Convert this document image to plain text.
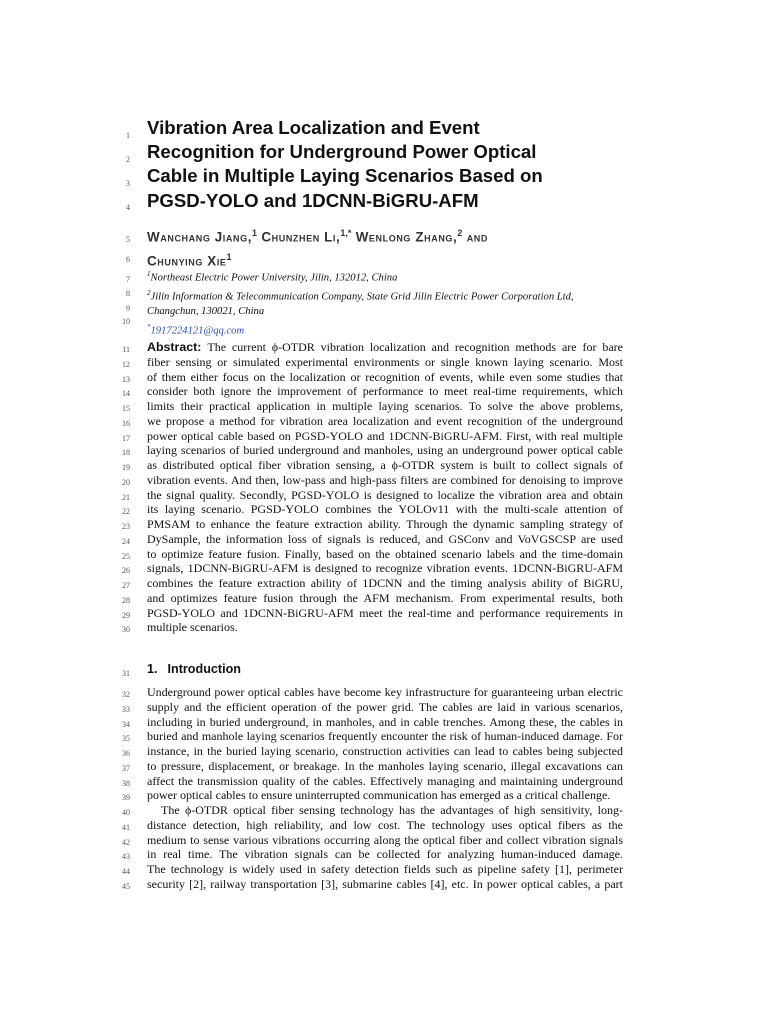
1
2
3
4
5
6
7
8
9
10
11
12
13
14
15
16
17
18
19
20
21
22
23
24
25
26
27
28
29
30
31
32
33
34
35
36
37
38
39
40
41
42
43
44
45
Vibration Area Localization and Event
Recognition for Underground Power Optical
Cable in Multiple Laying Scenarios Based on
PGSD-YOLO and 1DCNN-BiGRU-AFM
Wanchang Jiang,$^1$ Chunzhen Li,$^{1,*}$ Wenlong Zhang,$^2$ and
Chunying Xie$^1$
$^1$Northeast Electric Power University, Jilin, 132012, China
$^2$Jilin Information & Telecommunication Company, State Grid Jilin Electric Power Corporation Ltd,
Changchun, 130021, China
*1917224121@qq.com
Abstract: The current ϕ-OTDR vibration localization and recognition methods are for bare
fiber sensing or simulated experimental environments or single known laying scenario. Most
of them either focus on the localization or recognition of events, while even some studies that
consider both ignore the improvement of performance to meet real-time requirements, which
limits their practical application in multiple laying scenarios. To solve the above problems,
we propose a method for vibration area localization and event recognition of the underground
power optical cable based on PGSD-YOLO and 1DCNN-BiGRU-AFM. First, with real multiple
laying scenarios of buried underground and manholes, using an underground power optical cable
as distributed optical fiber vibration sensing, a ϕ-OTDR system is built to collect signals of
vibration events. And then, low-pass and high-pass filters are combined for denoising to improve
the signal quality. Secondly, PGSD-YOLO is designed to localize the vibration area and obtain
its laying scenario. PGSD-YOLO combines the YOLOv11 with the multi-scale attention of
PMSAM to enhance the feature extraction ability. Through the dynamic sampling strategy of
DySample, the information loss of signals is reduced, and GSConv and VoVGSCSP are used
to optimize feature fusion. Finally, based on the obtained scenario labels and the time-domain
signals, 1DCNN-BiGRU-AFM is designed to recognize vibration events. 1DCNN-BiGRU-AFM
combines the feature extraction ability of 1DCNN and the timing analysis ability of BiGRU,
and optimizes feature fusion through the AFM mechanism. From experimental results, both
PGSD-YOLO and 1DCNN-BiGRU-AFM meet the real-time and performance requirements in
multiple scenarios.
1. Introduction
Underground power optical cables have become key infrastructure for guaranteeing urban electric
supply and the efficient operation of the power grid. The cables are laid in various scenarios,
including in buried underground, in manholes, and in cable trenches. Among these, the cables in
buried and manhole laying scenarios frequently encounter the risk of human-induced damage. For
instance, in the buried laying scenario, construction activities can lead to cables being subjected
to pressure, displacement, or breakage. In the manholes laying scenario, illegal excavations can
affect the transmission quality of the cables. Effectively managing and maintaining underground
power optical cables to ensure uninterrupted communication has emerged as a critical challenge.
The ϕ-OTDR optical fiber sensing technology has the advantages of high sensitivity, long-
distance detection, high reliability, and low cost. The technology uses optical fibers as the
medium to sense various vibrations occurring along the optical fiber and collect vibration signals
in real time. The vibration signals can be collected for analyzing human-induced damage.
The technology is widely used in safety detection fields such as pipeline safety [1], perimeter
security [2], railway transportation [3], submarine cables [4], etc. In power optical cables, a part
